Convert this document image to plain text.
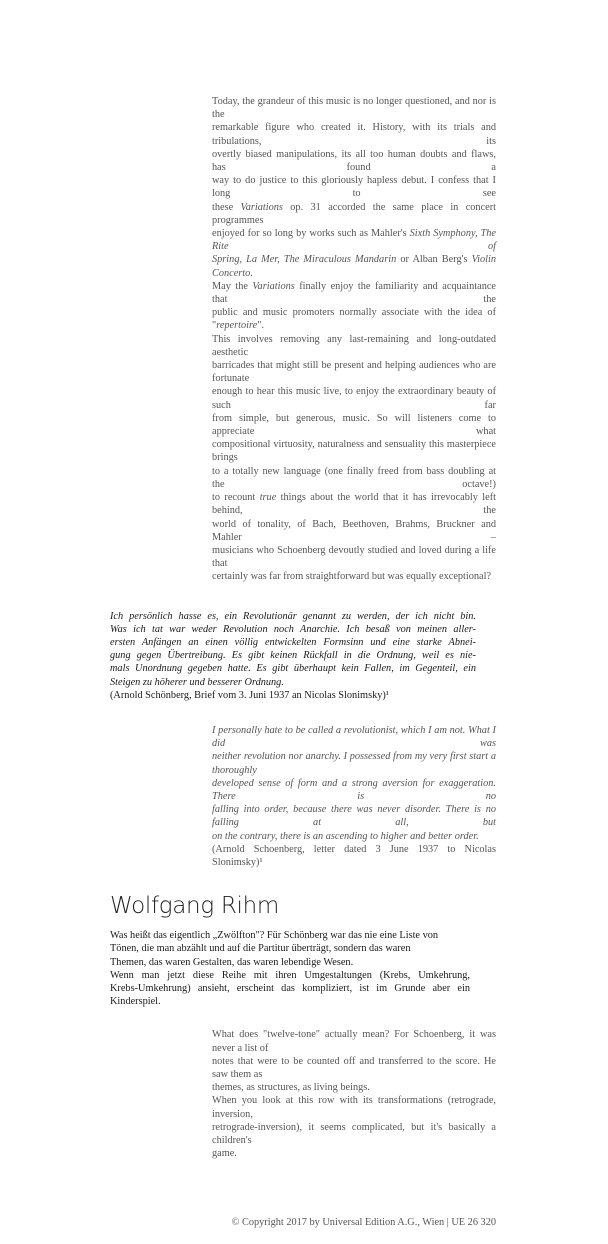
Today, the grandeur of this music is no longer questioned, and nor is the
remarkable figure who created it. History, with its trials and tribulations, its
overtly biased manipulations, its all too human doubts and flaws, has found a
way to do justice to this gloriously hapless debut. I confess that I long to see
these Variations op. 31 accorded the same place in concert programmes
enjoyed for so long by works such as Mahler's Sixth Symphony, The Rite of
Spring, La Mer, The Miraculous Mandarin or Alban Berg's Violin Concerto.
May the Variations finally enjoy the familiarity and acquaintance that the
public and music promoters normally associate with the idea of "repertoire".
This involves removing any last-remaining and long-outdated aesthetic
barricades that might still be present and helping audiences who are fortunate
enough to hear this music live, to enjoy the extraordinary beauty of such far
from simple, but generous, music. So will listeners come to appreciate what
compositional virtuosity, naturalness and sensuality this masterpiece brings
to a totally new language (one finally freed from bass doubling at the octave!)
to recount true things about the world that it has irrevocably left behind, the
world of tonality, of Bach, Beethoven, Brahms, Bruckner and Mahler –
musicians who Schoenberg devoutly studied and loved during a life that
certainly was far from straightforward but was equally exceptional?
Ich persönlich hasse es, ein Revolutionär genannt zu werden, der ich nicht bin.
Was ich tat war weder Revolution noch Anarchie. Ich besaß von meinen aller-
ersten Anfängen an einen völlig entwickelten Formsinn und eine starke Abnei-
gung gegen Übertreibung. Es gibt keinen Rückfall in die Ordnung, weil es nie-
mals Unordnung gegeben hatte. Es gibt überhaupt kein Fallen, im Gegenteil, ein
Steigen zu höherer und besserer Ordnung.
(Arnold Schönberg, Brief vom 3. Juni 1937 an Nicolas Slonimsky)¹
I personally hate to be called a revolutionist, which I am not. What I did was
neither revolution nor anarchy. I possessed from my very first start a thoroughly
developed sense of form and a strong aversion for exaggeration. There is no
falling into order, because there was never disorder. There is no falling at all, but
on the contrary, there is an ascending to higher and better order.
(Arnold Schoenberg, letter dated 3 June 1937 to Nicolas Slonimsky)¹
Wolfgang Rihm
Was heißt das eigentlich „Zwölfton"? Für Schönberg war das nie eine Liste von
Tönen, die man abzählt und auf die Partitur überträgt, sondern das waren
Themen, das waren Gestalten, das waren lebendige Wesen.
Wenn man jetzt diese Reihe mit ihren Umgestaltungen (Krebs, Umkehrung,
Krebs-Umkehrung) ansieht, erscheint das kompliziert, ist im Grunde aber ein
Kinderspiel.
What does "twelve-tone" actually mean? For Schoenberg, it was never a list of
notes that were to be counted off and transferred to the score. He saw them as
themes, as structures, as living beings.
When you look at this row with its transformations (retrograde, inversion,
retrograde-inversion), it seems complicated, but it's basically a children's
game.
© Copyright 2017 by Universal Edition A.G., Wien | UE 26 320
